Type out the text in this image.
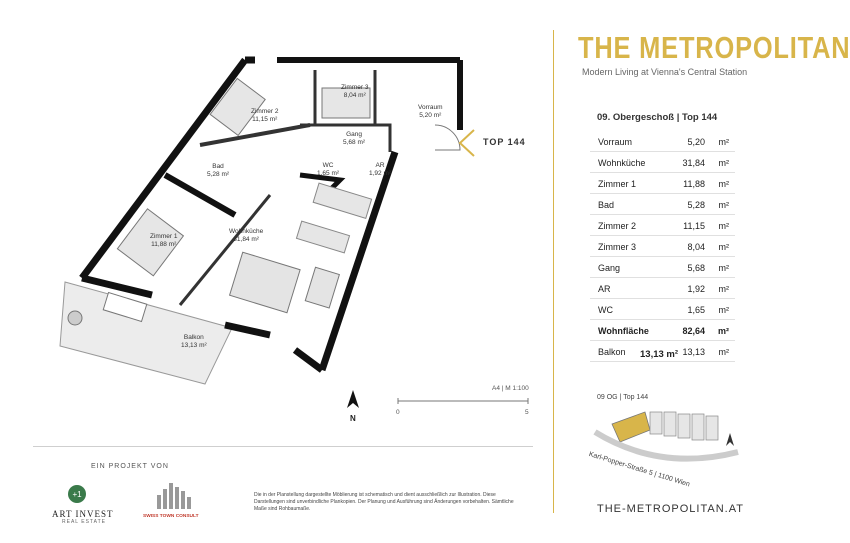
Zimmer 2
11,15 m²
Zimmer 3
8,04 m²
Vorraum
5,20 m²
Gang
5,68 m²
Bad
5,28 m²
WC
1,65 m²
AR
1,92 m²
Zimmer 1
11,88 m²
Wohnküche
31,84 m²
Balkon
13,13 m²
TOP 144
A4 | M 1:100
0	5
N
THE METROPOLITAN
Modern Living at Vienna's Central Station
09. Obergeschoß | Top 144
Vorraum	5,20 m²
Wohnküche	31,84 m²
Zimmer 1	11,88 m²
Bad	5,28 m²
Zimmer 2	11,15 m²
Zimmer 3	8,04 m²
Gang	5,68 m²
AR	1,92 m²
WC	1,65 m²
Wohnfläche	82,64 m²
Balkon	13,13 m²
13,13 m²
09 OG | Top 144
Karl-Popper-Straße 5 | 1100 Wien
THE-METROPOLITAN.AT
EIN PROJEKT VON
+1
ART INVEST
REAL ESTATE
SWISS TOWN CONSULT
Die in der Planstellung dargestellte Möblierung ist schematisch und dient ausschließlich zur Illustration. Diese Darstellungen sind unverbindliche Plankopien. Der Planung und Ausführung sind Änderungen vorbehalten. Sämtliche Maße sind Rohbaumaße.
